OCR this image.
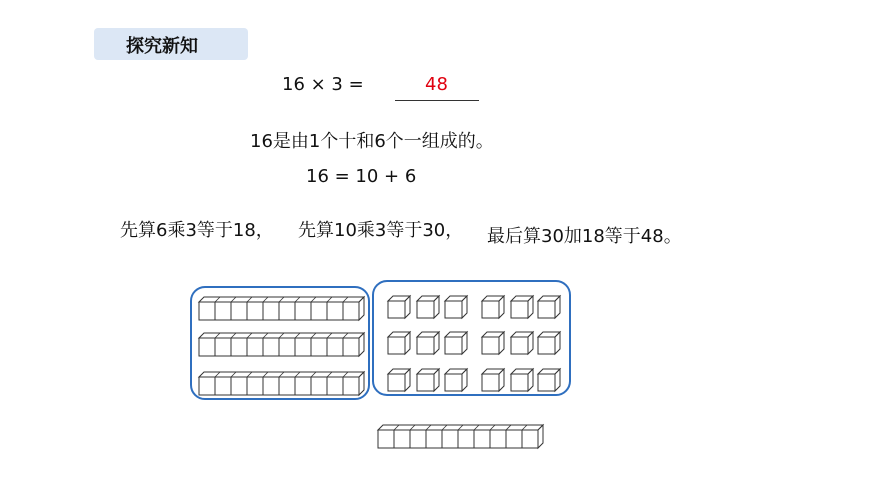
探究新知
16 × 3 =	48
16是由1个十和6个一组成的。
16 = 10 + 6
先算6乘3等于18， 先算10乘3等于30， 最后算30加18等于48。
